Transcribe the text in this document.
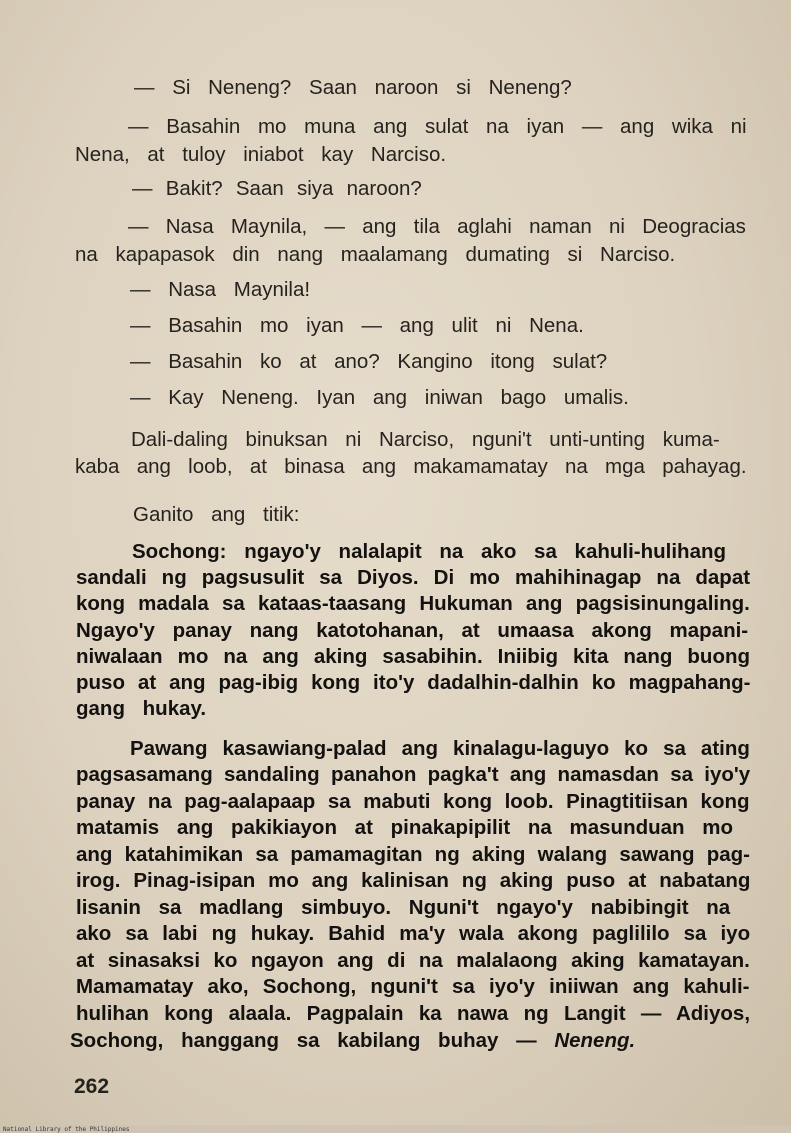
— Si Neneng? Saan naroon si Neneng?
— Basahin mo muna ang sulat na iyan — ang wika ni
Nena, at tuloy iniabot kay Narciso.
— Bakit? Saan siya naroon?
— Nasa Maynila, — ang tila aglahi naman ni Deogracias
na kapapasok din nang maalamang dumating si Narciso.
— Nasa Maynila!
— Basahin mo iyan — ang ulit ni Nena.
— Basahin ko at ano? Kangino itong sulat?
— Kay Neneng. Iyan ang iniwan bago umalis.
Dali-daling binuksan ni Narciso, nguni't unti-unting kuma-
kaba ang loob, at binasa ang makamamatay na mga pahayag.
Ganito ang titik:
Sochong: ngayo'y nalalapit na ako sa kahuli-hulihang
sandali ng pagsusulit sa Diyos. Di mo mahihinagap na dapat
kong madala sa kataas-taasang Hukuman ang pagsisinungaling.
Ngayo'y panay nang katotohanan, at umaasa akong mapani-
niwalaan mo na ang aking sasabihin. Iniibig kita nang buong
puso at ang pag-ibig kong ito'y dadalhin-dalhin ko magpahang-
gang hukay.
Pawang kasawiang-palad ang kinalagu-laguyo ko sa ating
pagsasamang sandaling panahon pagka't ang namasdan sa iyo'y
panay na pag-aalapaap sa mabuti kong loob. Pinagtitiisan kong
matamis ang pakikiayon at pinakapipilit na masunduan mo
ang katahimikan sa pamamagitan ng aking walang sawang pag-
irog. Pinag-isipan mo ang kalinisan ng aking puso at nabatang
lisanin sa madlang simbuyo. Nguni't ngayo'y nabibingit na
ako sa labi ng hukay. Bahid ma'y wala akong paglililo sa iyo
at sinasaksi ko ngayon ang di na malalaong aking kamatayan.
Mamamatay ako, Sochong, nguni't sa iyo'y iniiwan ang kahuli-
hulihan kong alaala. Pagpalain ka nawa ng Langit — Adiyos,
Sochong, hanggang sa kabilang buhay — Neneng.
262
National Library of the Philippines
